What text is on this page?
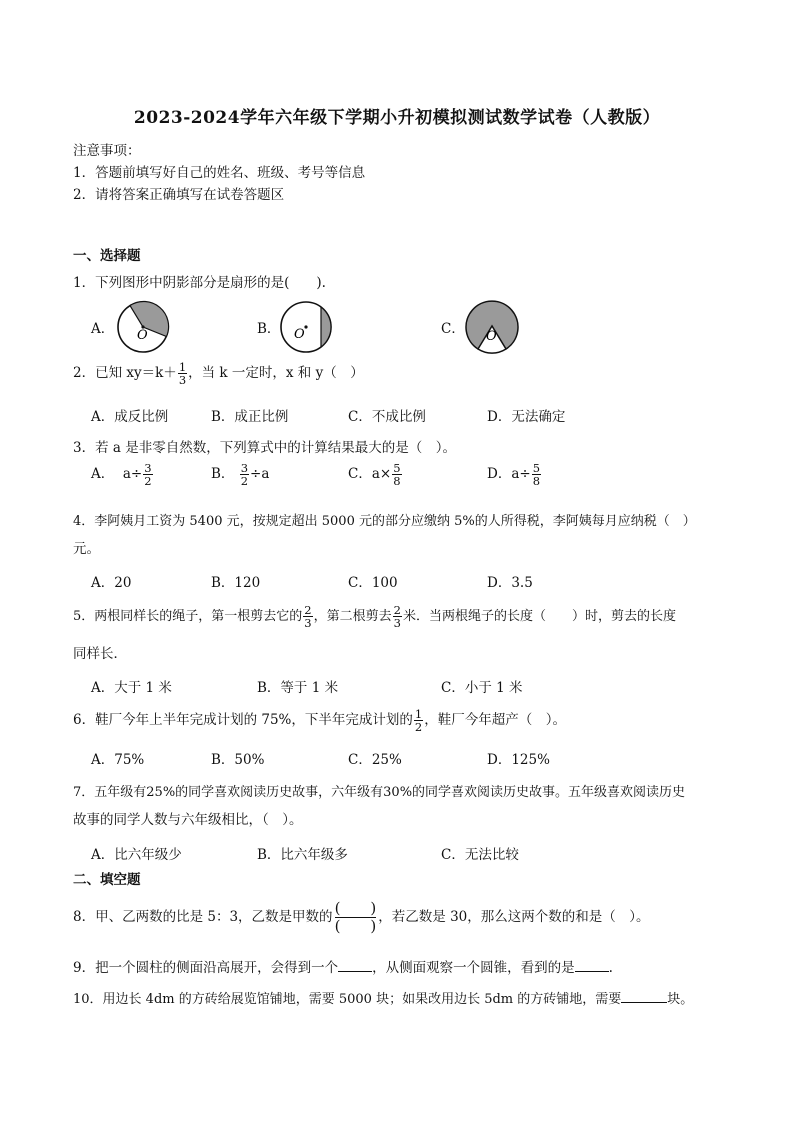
2023-2024学年六年级下学期小升初模拟测试数学试卷（人教版）
注意事项：
1．答题前填写好自己的姓名、班级、考号等信息
2．请将答案正确填写在试卷答题区
一、选择题
1．下列图形中阴影部分是扇形的是(　　).
A． O	B． O	C． O
2．已知 $xy=k+ \frac{1}{3}$ ，当 k 一定时，x 和 y（　）
A．成反比例	B．成正比例	C．不成比例	D．无法确定
3．若 a 是非零自然数，下列算式中的计算结果最大的是（　）。
A． $a\div \frac{3}{2}$	B． $\frac{3}{2} \div a$	C．$a\times \frac{5}{8}$	D．$a\div \frac{5}{8}$
4．李阿姨月工资为 5400 元，按规定超出 5000 元的部分应缴纳 5%的人所得税，李阿姨每月应纳税（　）
元。
A．20	B．120	C．100	D．3.5
5．两根同样长的绳子，第一根剪去它的 $\frac{2}{3}$ ，第二根剪去 $\frac{2}{3}$ 米．当两根绳子的长度（　　）时，剪去的长度
同样长．
A．大于 1 米	B．等于 1 米	C．小于 1 米
6．鞋厂今年上半年完成计划的 75%，下半年完成计划的 $\frac{1}{2}$ ，鞋厂今年超产（　）。
A．75%	B．50%	C．25%	D．125%
7．五年级有25%的同学喜欢阅读历史故事，六年级有30%的同学喜欢阅读历史故事。五年级喜欢阅读历史
故事的同学人数与六年级相比，（　）。
A．比六年级少	B．比六年级多	C．无法比较
二、填空题
8．甲、乙两数的比是 5：3，乙数是甲数的 (　　)
(　　) ，若乙数是 30，那么这两个数的和是（　）。
9．把一个圆柱的侧面沿高展开，会得到一个	，从侧面观察一个圆锥，看到的是	.
10．用边长 4dm 的方砖给展览馆铺地，需要 5000 块；如果改用边长 5dm 的方砖铺地，需要	块。
